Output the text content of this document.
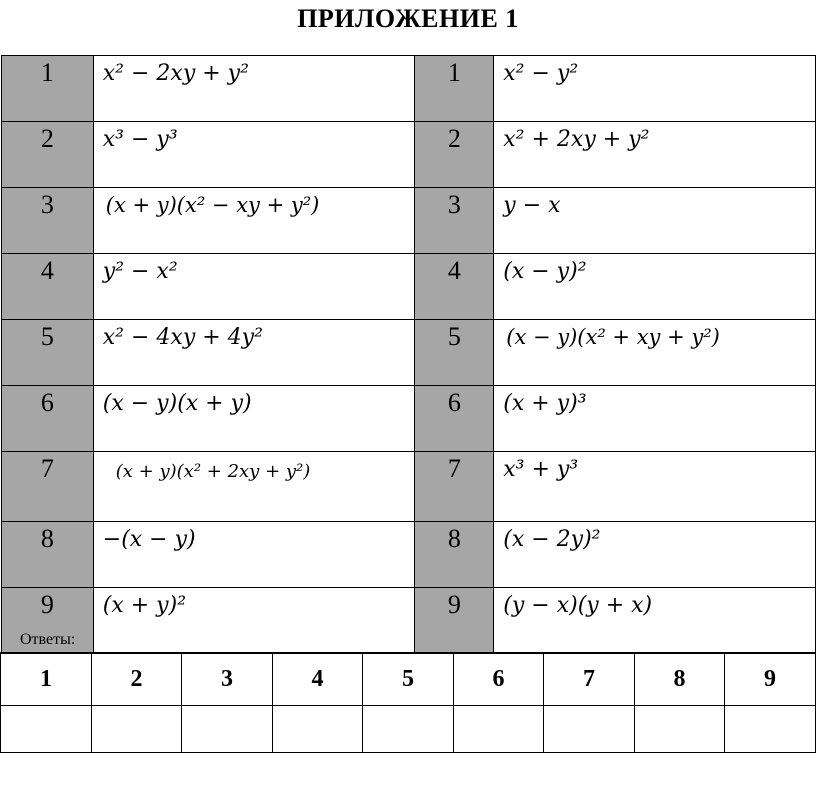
ПРИЛОЖЕНИЕ 1
1	x² − 2xy + y²	1	x² − y²
2	x³ − y³	2	x² + 2xy + y²
3	(x + y)(x² − xy + y²)	3	y − x
4	y² − x²	4	(x − y)²
5	x² − 4xy + 4y²	5	(x − y)(x² + xy + y²)
6	(x − y)(x + y)	6	(x + y)³
7	(x + y)(x² + 2xy + y²)	7	x³ + y³
8	−(x − y)	8	(x − 2y)²
9	(x + y)²	9	(y − x)(y + x)
Ответы:
1	2	3	4	5	6	7	8	9
